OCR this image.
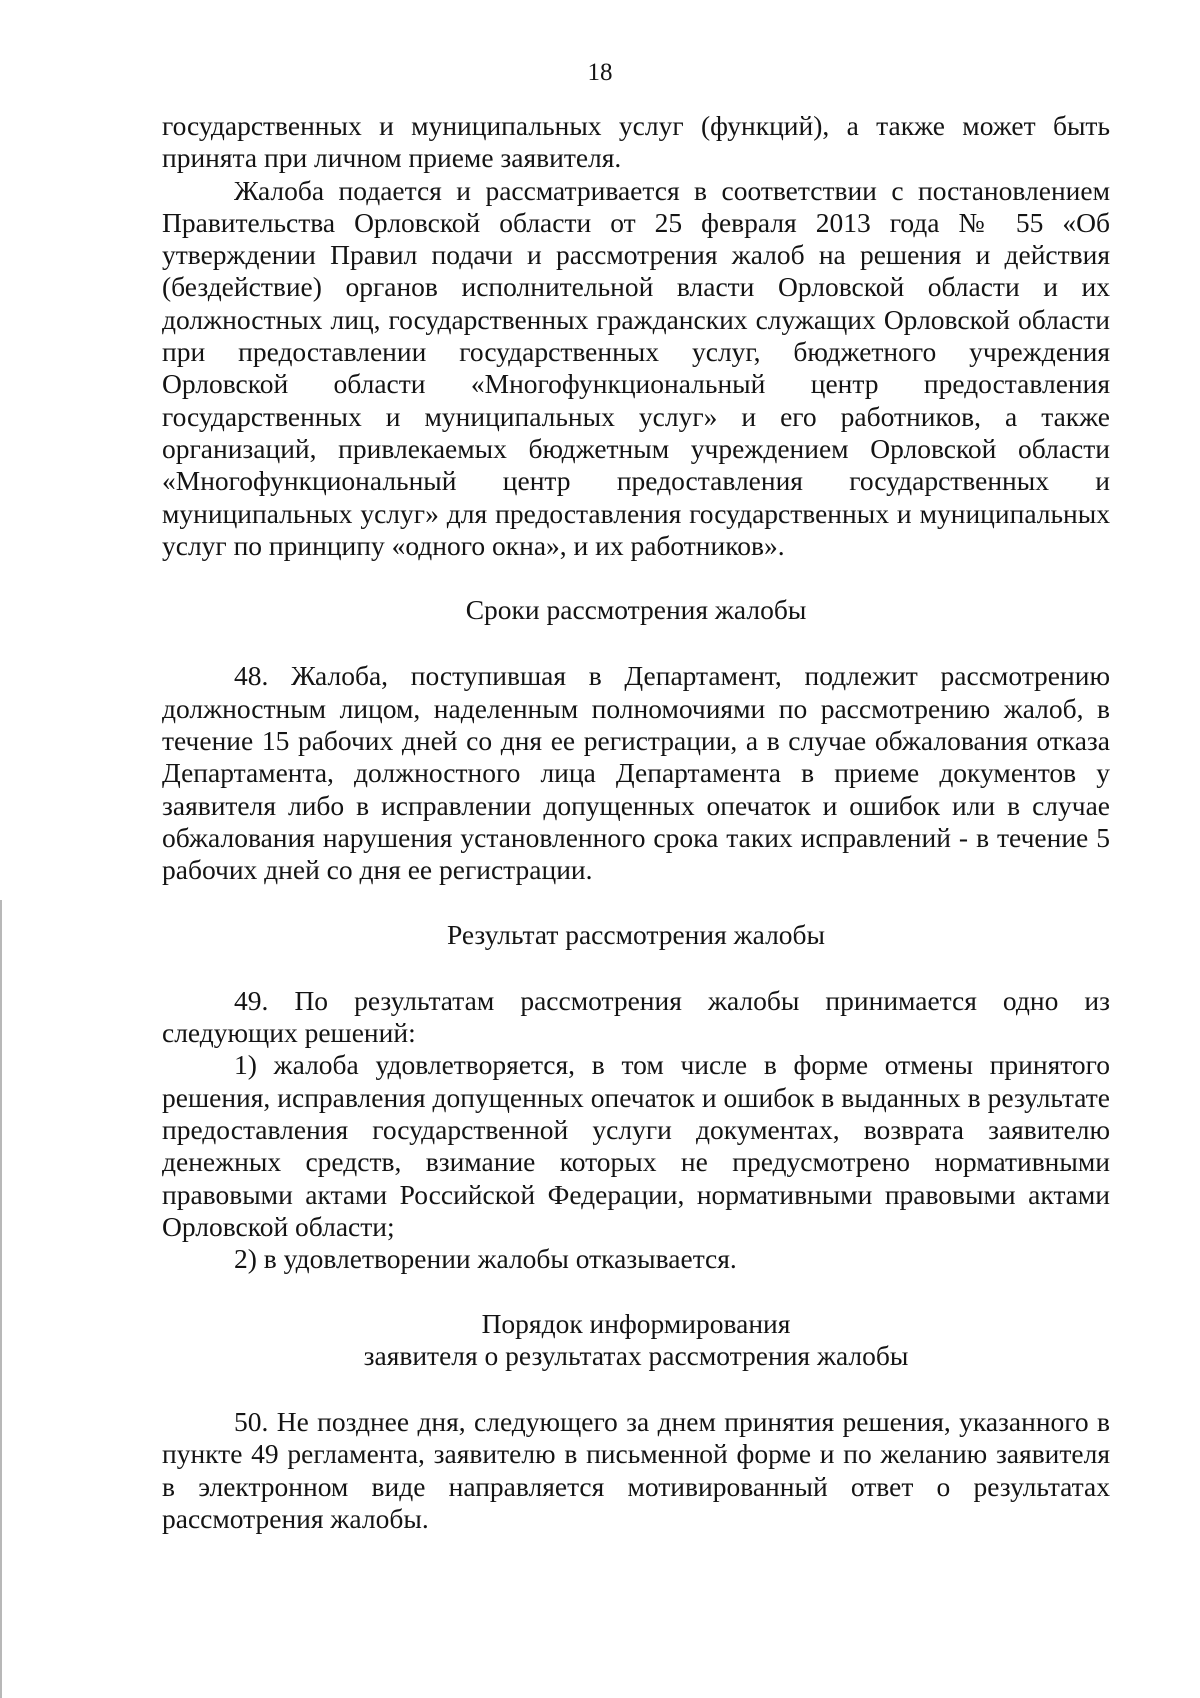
18

государственных и муниципальных услуг (функций), а также может быть принята при личном приеме заявителя.

Жалоба подается и рассматривается в соответствии с постановлением Правительства Орловской области от 25 февраля 2013 года № 55 «Об утверждении Правил подачи и рассмотрения жалоб на решения и действия (бездействие) органов исполнительной власти Орловской области и их должностных лиц, государственных гражданских служащих Орловской области при предоставлении государственных услуг, бюджетного учреждения Орловской области «Многофункциональный центр предоставления государственных и муниципальных услуг» и его работников, а также организаций, привлекаемых бюджетным учреждением Орловской области «Многофункциональный центр предоставления государственных и муниципальных услуг» для предоставления государственных и муниципальных услуг по принципу «одного окна», и их работников».

Сроки рассмотрения жалобы

48. Жалоба, поступившая в Департамент, подлежит рассмотрению должностным лицом, наделенным полномочиями по рассмотрению жалоб, в течение 15 рабочих дней со дня ее регистрации, а в случае обжалования отказа Департамента, должностного лица Департамента в приеме документов у заявителя либо в исправлении допущенных опечаток и ошибок или в случае обжалования нарушения установленного срока таких исправлений - в течение 5 рабочих дней со дня ее регистрации.

Результат рассмотрения жалобы

49. По результатам рассмотрения жалобы принимается одно из следующих решений:

1) жалоба удовлетворяется, в том числе в форме отмены принятого решения, исправления допущенных опечаток и ошибок в выданных в результате предоставления государственной услуги документах, возврата заявителю денежных средств, взимание которых не предусмотрено нормативными правовыми актами Российской Федерации, нормативными правовыми актами Орловской области;

2) в удовлетворении жалобы отказывается.

Порядок информирования

заявителя о результатах рассмотрения жалобы

50. Не позднее дня, следующего за днем принятия решения, указанного в пункте 49 регламента, заявителю в письменной форме и по желанию заявителя в электронном виде направляется мотивированный ответ о результатах рассмотрения жалобы.
